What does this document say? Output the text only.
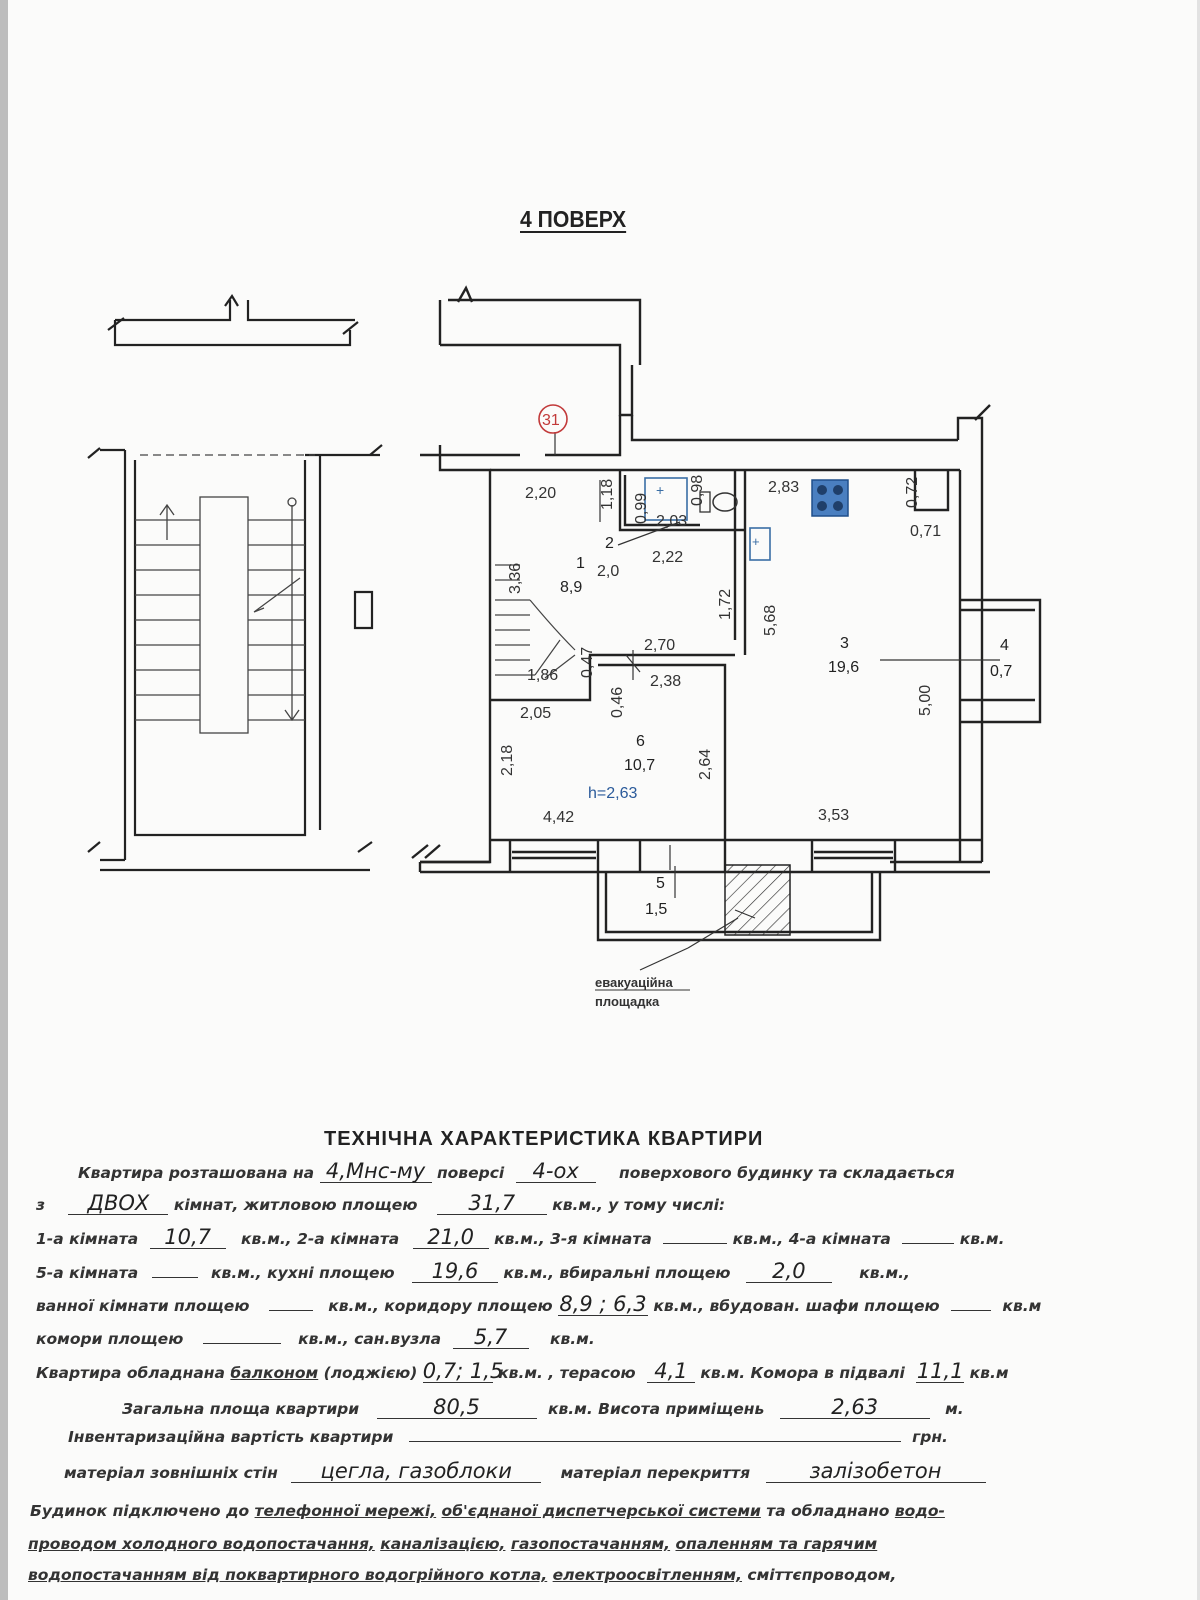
4 ПОВЕРХ
+
+
31
2,20	1,18 0,99
0,98
2,03
2,83	0,72
0,71
3,36	1
8,9
2
2,0
2,22
1,72
5,68
0,47
2,70
1,86
0,46
2,38
2,05
3
19,6
5,00
4
0,7
2,18
6
10,7
h=2,63
2,64
4,42	3,53
5
1,5
евакуаційна
площадка
ТЕХНІЧНА ХАРАКТЕРИСТИКА КВАРТИРИ
Квартира розташована на 4,Мнс-му поверсі 4-ох	поверхового будинку та складається
з ДВОХ кімнат, житловою площею 31,7 кв.м., у тому числі:
1-а кімната 10,7 кв.м., 2-а кімната 21,0 кв.м., 3-я кімната	кв.м., 4-а кімната	кв.м.
5-а кімната	кв.м., кухні площею 19,6 кв.м., вбиральні площею 2,0	кв.м.,
ванної кімнати площею	кв.м., коридору площею 8,9 ; 6,3 кв.м., вбудован. шафи площею	кв.м
комори площею	кв.м., сан.вузла 5,7	кв.м.
Квартира обладнана балконом (лоджією) 0,7; 1,5 кв.м. , терасою 4,1 кв.м. Комора в підвалі 11,1 кв.м
Загальна площа квартири	80,5	кв.м. Висота приміщень	2,63	м.
Інвентаризаційна вартість квартири	грн.
матеріал зовнішніх стін цегла, газоблоки	матеріал перекриття	залізобетон
Будинок підключено до телефонної мережі, об'єднаної диспетчерської системи та обладнано водо-
проводом холодного водопостачання, каналізацією, газопостачанням, опаленням та гарячим
водопостачанням від поквартирного водогрійного котла, електроосвітленням, сміттєпроводом,
